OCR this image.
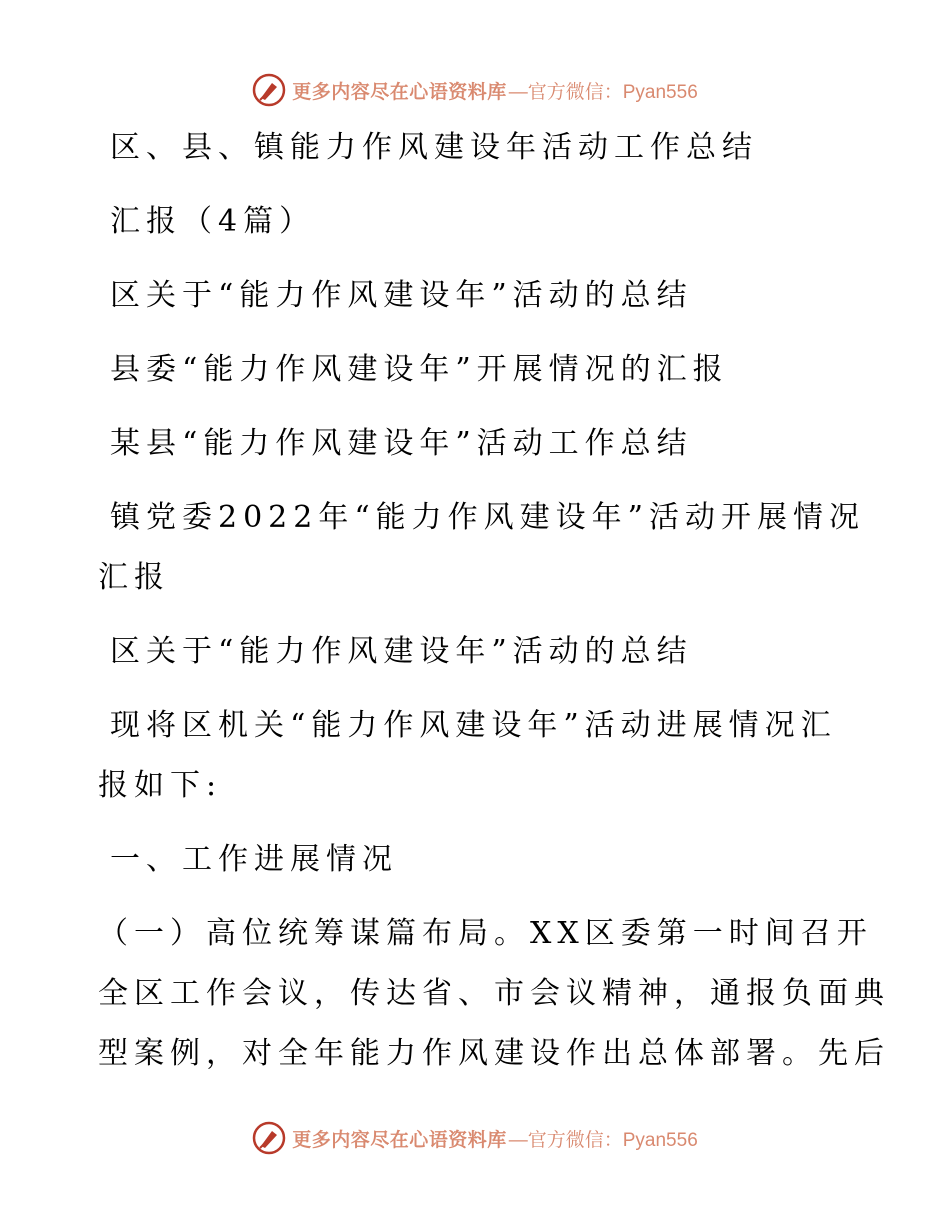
更多内容尽在心语资料库 —官方微信：Pyan556
区、县、镇能力作风建设年活动工作总结
汇报（4篇）
区关于“能力作风建设年”活动的总结
县委“能力作风建设年”开展情况的汇报
某县“能力作风建设年”活动工作总结
镇党委2022年“能力作风建设年”活动开展情况
汇报
区关于“能力作风建设年”活动的总结
现将区机关“能力作风建设年”活动进展情况汇
报如下:
一、工作进展情况
（一）高位统筹谋篇布局。XX区委第一时间召开
全区工作会议，传达省、市会议精神，通报负面典
型案例，对全年能力作风建设作出总体部署。先后
更多内容尽在心语资料库 —官方微信：Pyan556
